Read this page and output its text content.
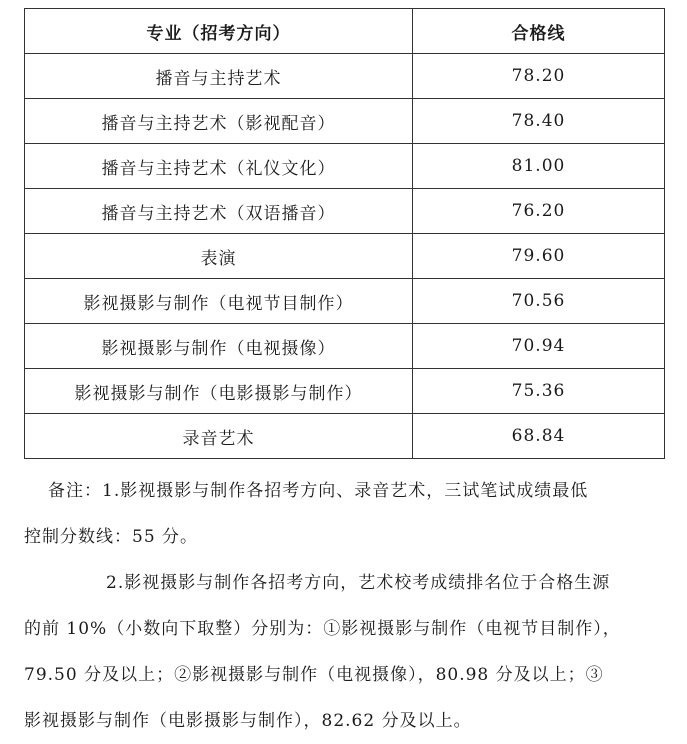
专业（招考方向）	合格线
播音与主持艺术	78.20
播音与主持艺术（影视配音）	78.40
播音与主持艺术（礼仪文化）	81.00
播音与主持艺术（双语播音）	76.20
表演	79.60
影视摄影与制作（电视节目制作）	70.56
影视摄影与制作（电视摄像）	70.94
影视摄影与制作（电影摄影与制作）	75.36
录音艺术	68.84

备注：1.影视摄影与制作各招考方向、录音艺术，三试笔试成绩最低

控制分数线：55 分。

2.影视摄影与制作各招考方向，艺术校考成绩排名位于合格生源

的前 10%（小数向下取整）分别为：①影视摄影与制作（电视节目制作），

79.50 分及以上；②影视摄影与制作（电视摄像），80.98 分及以上；③

影视摄影与制作（电影摄影与制作），82.62 分及以上。
